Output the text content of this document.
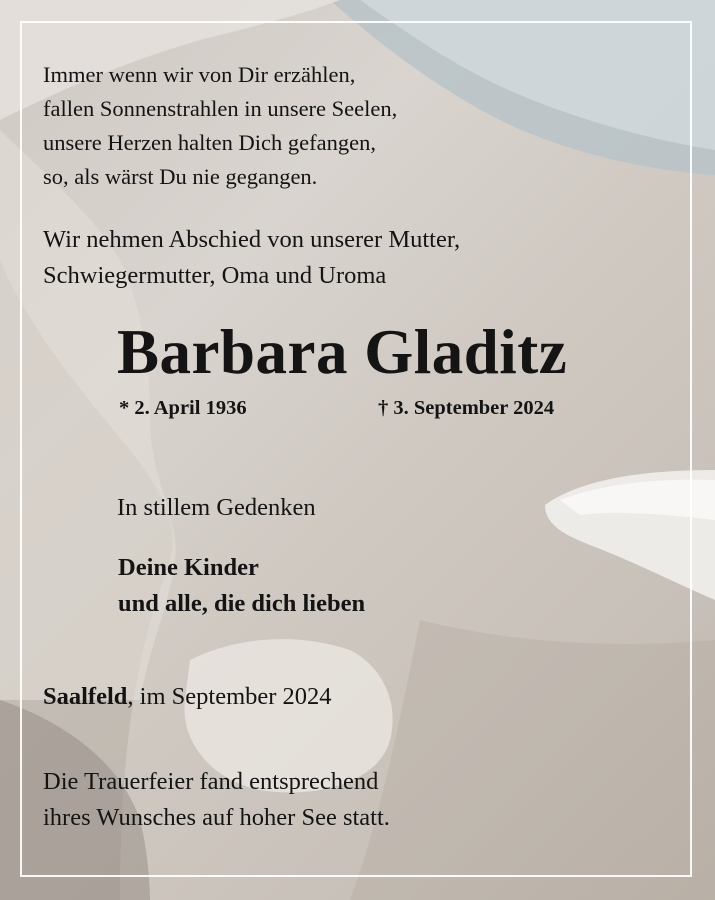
Immer wenn wir von Dir erzählen,
fallen Sonnenstrahlen in unsere Seelen,
unsere Herzen halten Dich gefangen,
so, als wärst Du nie gegangen.
Wir nehmen Abschied von unserer Mutter,
Schwiegermutter, Oma und Uroma
Barbara Gladitz
* 2. April 1936	† 3. September 2024
In stillem Gedenken
Deine Kinder
und alle, die dich lieben
Saalfeld, im September 2024
Die Trauerfeier fand entsprechend
ihres Wunsches auf hoher See statt.
